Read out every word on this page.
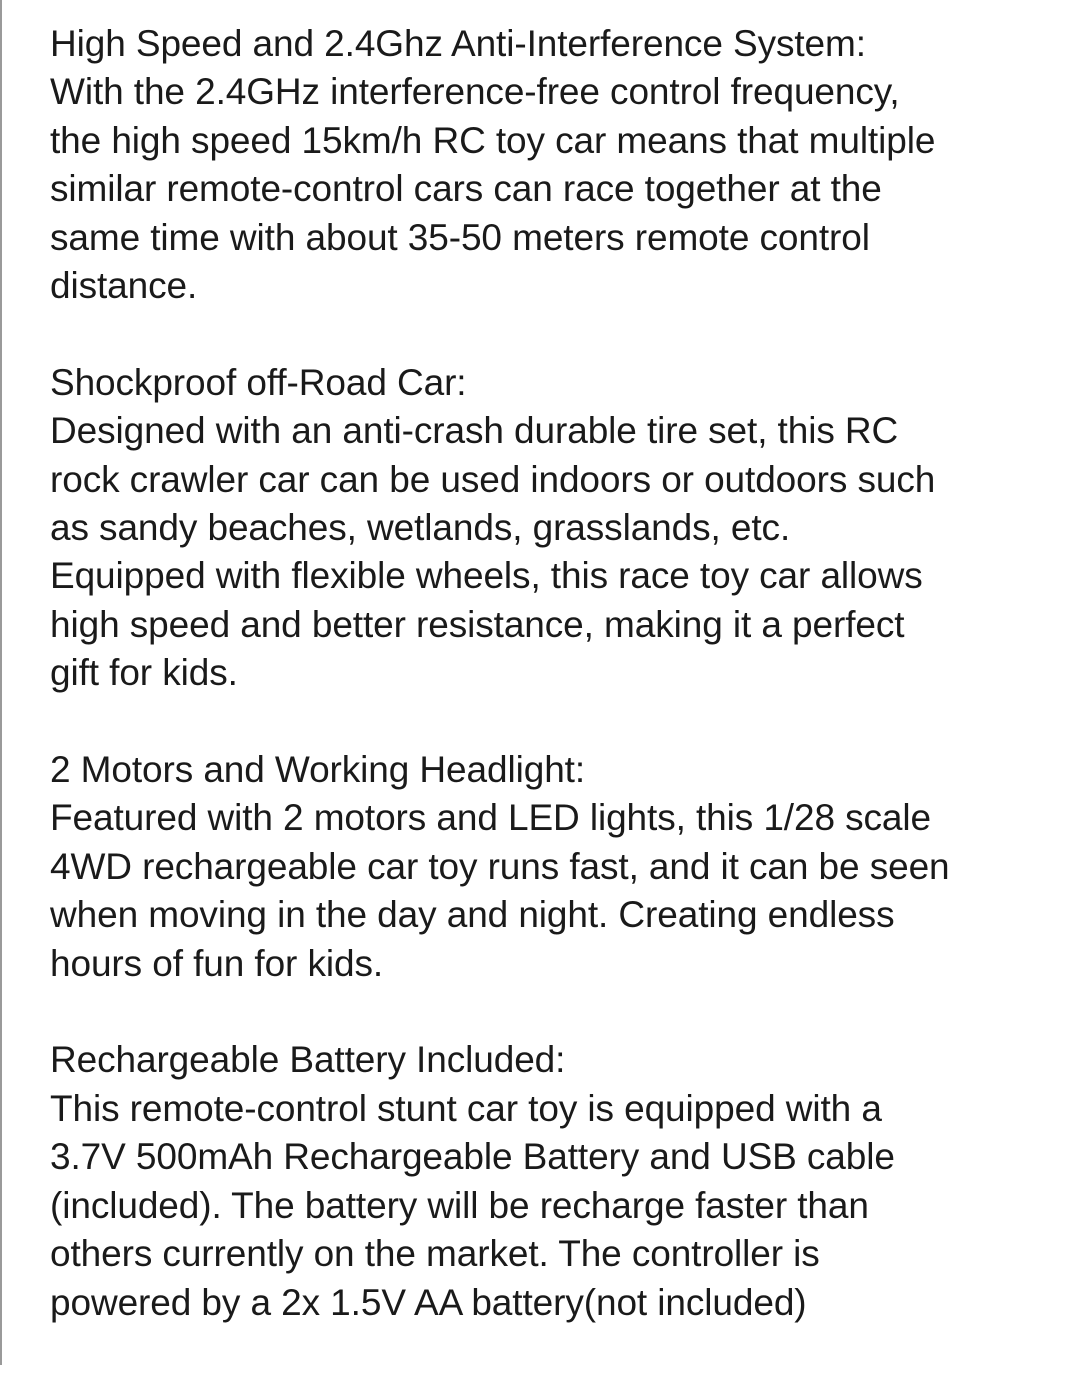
High Speed and 2.4Ghz Anti-Interference System:
With the 2.4GHz interference-free control frequency,
the high speed 15km/h RC toy car means that multiple
similar remote-control cars can race together at the
same time with about 35-50 meters remote control
distance.
Shockproof off-Road Car:
Designed with an anti-crash durable tire set, this RC
rock crawler car can be used indoors or outdoors such
as sandy beaches, wetlands, grasslands, etc.
Equipped with flexible wheels, this race toy car allows
high speed and better resistance, making it a perfect
gift for kids.
2 Motors and Working Headlight:
Featured with 2 motors and LED lights, this 1/28 scale
4WD rechargeable car toy runs fast, and it can be seen
when moving in the day and night. Creating endless
hours of fun for kids.
Rechargeable Battery Included:
This remote-control stunt car toy is equipped with a
3.7V 500mAh Rechargeable Battery and USB cable
(included). The battery will be recharge faster than
others currently on the market. The controller is
powered by a 2x 1.5V AA battery(not included)
